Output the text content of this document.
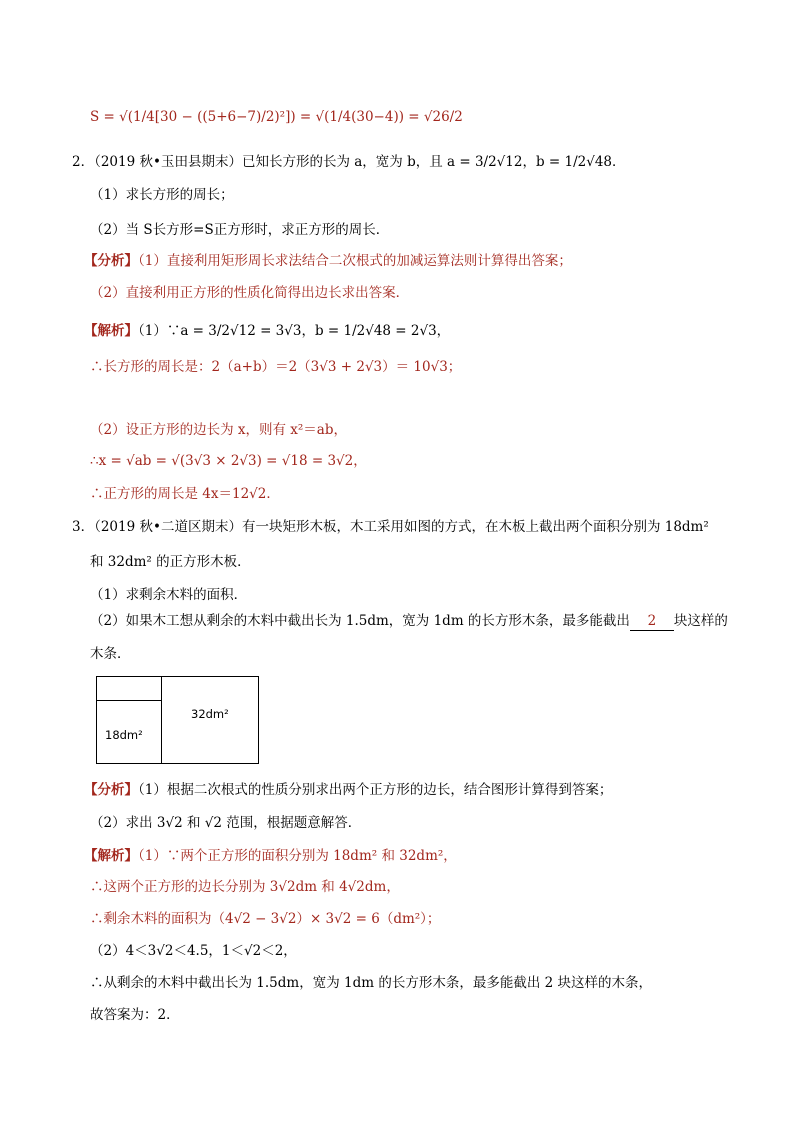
S = √(1/4[30 − ((5+6−7)/2)²]) = √(1/4(30−4)) = √26/2
2．（2019 秋•玉田县期末）已知长方形的长为 a，宽为 b，且 a = 3/2√12，b = 1/2√48．
（1）求长方形的周长；
（2）当 S长方形=S正方形时，求正方形的周长．
【分析】（1）直接利用矩形周长求法结合二次根式的加减运算法则计算得出答案；
（2）直接利用正方形的性质化简得出边长求出答案．
【解析】（1）∵a = 3/2√12 = 3√3，b = 1/2√48 = 2√3，
∴长方形的周长是：2（a+b）＝2（3√3 + 2√3）＝ 10√3；
（2）设正方形的边长为 x，则有 x²＝ab，
∴x = √ab = √(3√3 × 2√3) = √18 = 3√2，
∴正方形的周长是 4x＝12√2．
3．（2019 秋•二道区期末）有一块矩形木板，木工采用如图的方式，在木板上截出两个面积分别为 18dm²
和 32dm² 的正方形木板．
（1）求剩余木料的面积．
（2）如果木工想从剩余的木料中截出长为 1.5dm，宽为 1dm 的长方形木条，最多能截出 2 块这样的
木条．
32dm²
18dm²
【分析】（1）根据二次根式的性质分别求出两个正方形的边长，结合图形计算得到答案；
（2）求出 3√2 和 √2 范围，根据题意解答．
【解析】（1）∵两个正方形的面积分别为 18dm² 和 32dm²，
∴这两个正方形的边长分别为 3√2dm 和 4√2dm，
∴剩余木料的面积为（4√2 − 3√2）× 3√2 = 6（dm²）；
（2）4＜3√2＜4.5，1＜√2＜2，
∴从剩余的木料中截出长为 1.5dm，宽为 1dm 的长方形木条，最多能截出 2 块这样的木条，
故答案为：2．
